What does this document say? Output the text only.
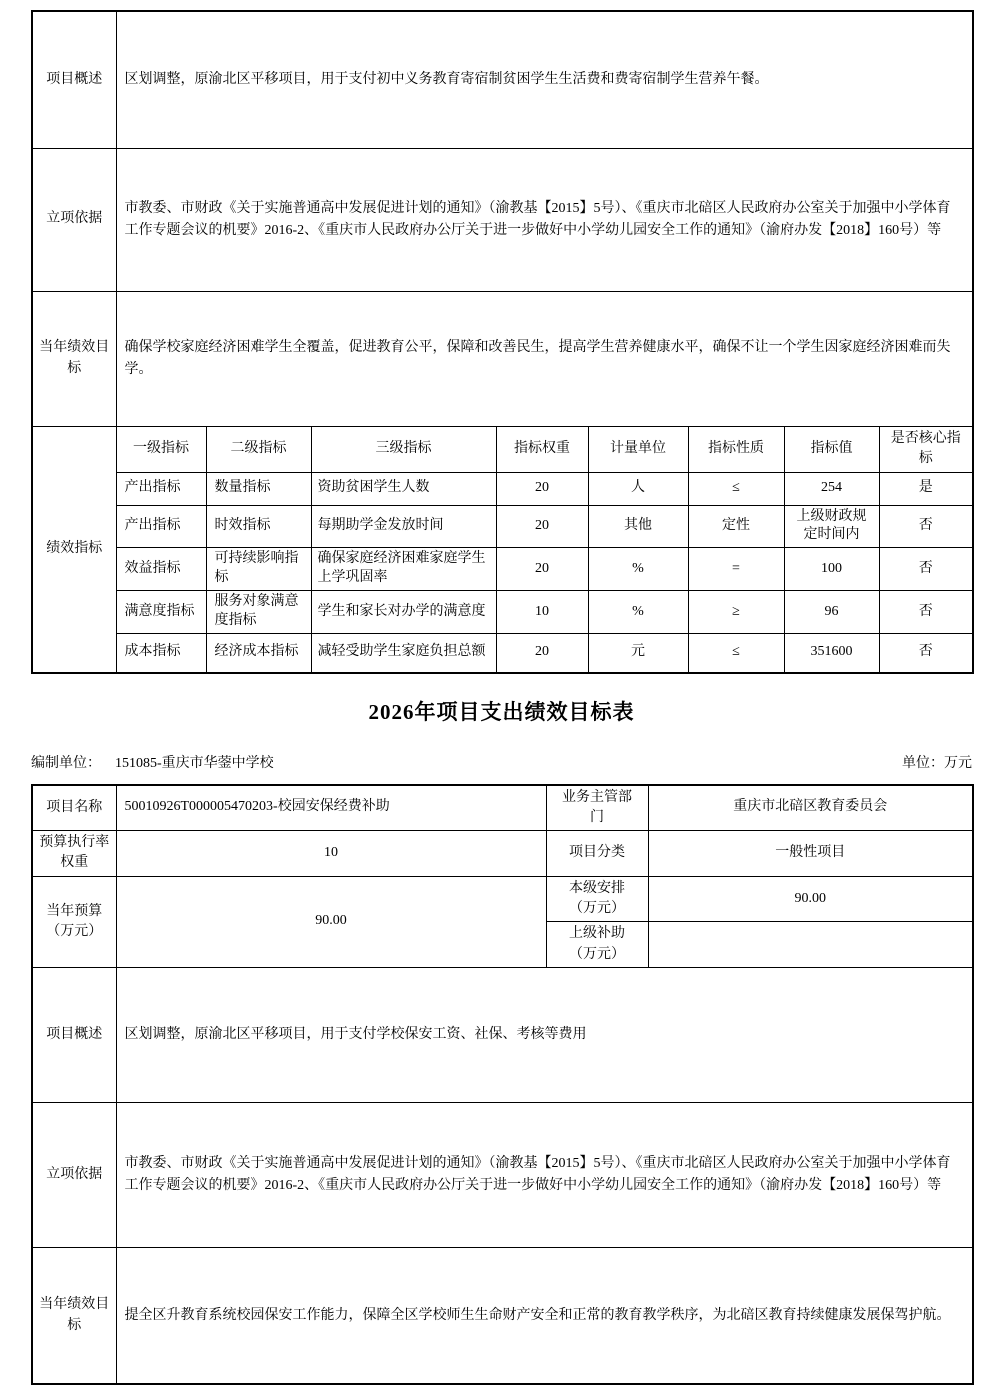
项目概述	区划调整，原渝北区平移项目，用于支付初中义务教育寄宿制贫困学生生活费和费寄宿制学生营养午餐。							
立项依据	市教委、市财政《关于实施普通高中发展促进计划的通知》（渝教基【2015】5号）、《重庆市北碚区人民政府办公室关于加强中小学体育工作专题会议的机要》2016-2、《重庆市人民政府办公厅关于进一步做好中小学幼儿园安全工作的通知》（渝府办发【2018】160号）等							
当年绩效目标	确保学校家庭经济困难学生全覆盖，促进教育公平，保障和改善民生，提高学生营养健康水平，确保不让一个学生因家庭经济困难而失学。							
绩效指标	一级指标	二级指标	三级指标	指标权重	计量单位	指标性质	指标值	是否核心指标
	产出指标	数量指标	资助贫困学生人数	20	人	≤	254	是
	产出指标	时效指标	每期助学金发放时间	20	其他	定性	上级财政规定时间内	否
	效益指标	可持续影响指标	确保家庭经济困难家庭学生上学巩固率	20	%	=	100	否
	满意度指标	服务对象满意度指标	学生和家长对办学的满意度	10	%	≥	96	否
	成本指标	经济成本指标	减轻受助学生家庭负担总额	20	元	≤	351600	否
2026年项目支出绩效目标表
编制单位： 151085-重庆市华蓥中学校	单位：万元
项目名称	50010926T000005470203-校园安保经费补助	业务主管部门	重庆市北碚区教育委员会
预算执行率权重	10	项目分类	一般性项目
当年预算（万元）	90.00	本级安排（万元）	90.00
		上级补助（万元）	
项目概述	区划调整，原渝北区平移项目，用于支付学校保安工资、社保、考核等费用		
立项依据	市教委、市财政《关于实施普通高中发展促进计划的通知》（渝教基【2015】5号）、《重庆市北碚区人民政府办公室关于加强中小学体育工作专题会议的机要》2016-2、《重庆市人民政府办公厅关于进一步做好中小学幼儿园安全工作的通知》（渝府办发【2018】160号）等		
当年绩效目标	提全区升教育系统校园保安工作能力，保障全区学校师生生命财产安全和正常的教育教学秩序，为北碚区教育持续健康发展保驾护航。		
